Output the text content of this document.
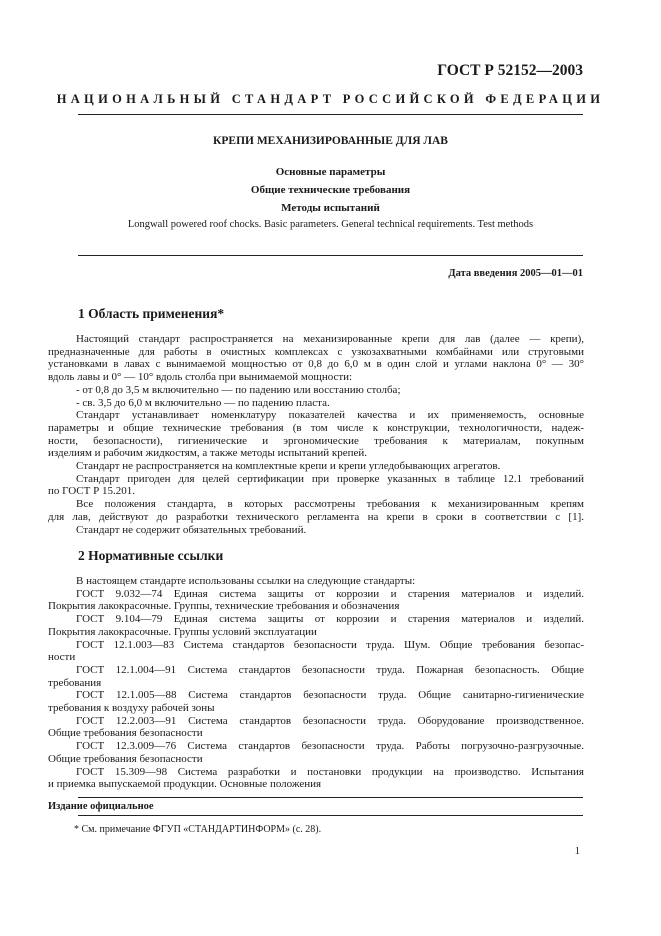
ГОСТ Р 52152—2003
НАЦИОНАЛЬНЫЙ СТАНДАРТ РОССИЙСКОЙ ФЕДЕРАЦИИ
КРЕПИ МЕХАНИЗИРОВАННЫЕ ДЛЯ ЛАВ
Основные параметры
Общие технические требования
Методы испытаний
Longwall powered roof chocks. Basic parameters. General technical requirements. Test methods
Дата введения 2005—01—01
1 Область применения*
Настоящий стандарт распространяется на механизированные крепи для лав (далее — крепи),
предназначенные для работы в очистных комплексах с узкозахватными комбайнами или струговыми
установками в лавах с вынимаемой мощностью от 0,8 до 6,0 м в один слой и углами наклона 0° — 30°
вдоль лавы и 0° — 10° вдоль столба при вынимаемой мощности:
- от 0,8 до 3,5 м включительно — по падению или восстанию столба;
- св. 3,5 до 6,0 м включительно — по падению пласта.
Стандарт устанавливает номенклатуру показателей качества и их применяемость, основные
параметры и общие технические требования (в том числе к конструкции, технологичности, надеж-
ности, безопасности), гигиенические и эргономические требования к материалам, покупным
изделиям и рабочим жидкостям, а также методы испытаний крепей.
Стандарт не распространяется на комплектные крепи и крепи угледобывающих агрегатов.
Стандарт пригоден для целей сертификации при проверке указанных в таблице 12.1 требований
по ГОСТ Р 15.201.
Все положения стандарта, в которых рассмотрены требования к механизированным крепям
для лав, действуют до разработки технического регламента на крепи в сроки в соответствии с [1].
Стандарт не содержит обязательных требований.
2 Нормативные ссылки
В настоящем стандарте использованы ссылки на следующие стандарты:
ГОСТ 9.032—74 Единая система защиты от коррозии и старения материалов и изделий.
Покрытия лакокрасочные. Группы, технические требования и обозначения
ГОСТ 9.104—79 Единая система защиты от коррозии и старения материалов и изделий.
Покрытия лакокрасочные. Группы условий эксплуатации
ГОСТ 12.1.003—83 Система стандартов безопасности труда. Шум. Общие требования безопас-
ности
ГОСТ 12.1.004—91 Система стандартов безопасности труда. Пожарная безопасность. Общие
требования
ГОСТ 12.1.005—88 Система стандартов безопасности труда. Общие санитарно-гигиенические
требования к воздуху рабочей зоны
ГОСТ 12.2.003—91 Система стандартов безопасности труда. Оборудование производственное.
Общие требования безопасности
ГОСТ 12.3.009—76 Система стандартов безопасности труда. Работы погрузочно-разгрузочные.
Общие требования безопасности
ГОСТ 15.309—98 Система разработки и постановки продукции на производство. Испытания
и приемка выпускаемой продукции. Основные положения
Издание официальное
* См. примечание ФГУП «СТАНДАРТИНФОРМ» (с. 28).
1
